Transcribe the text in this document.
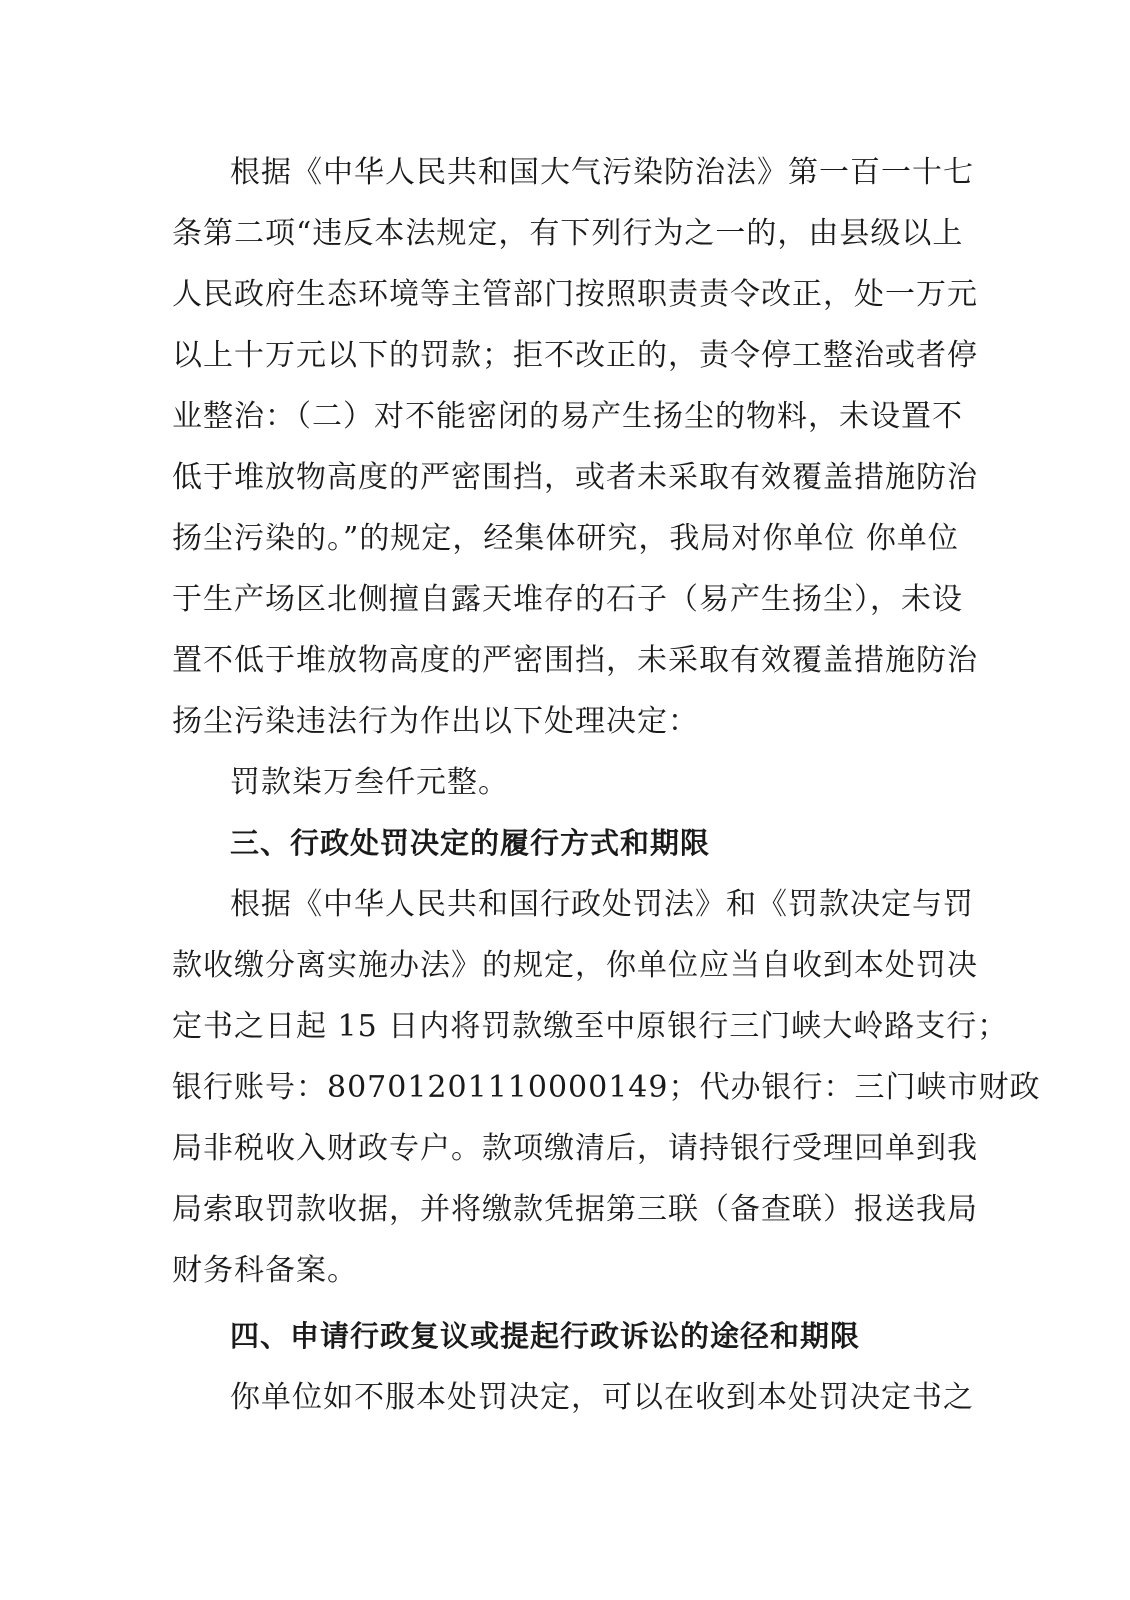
根据《中华人民共和国大气污染防治法》第一百一十七
条第二项“违反本法规定，有下列行为之一的，由县级以上
人民政府生态环境等主管部门按照职责责令改正，处一万元
以上十万元以下的罚款；拒不改正的，责令停工整治或者停
业整治：（二）对不能密闭的易产生扬尘的物料，未设置不
低于堆放物高度的严密围挡，或者未采取有效覆盖措施防治
扬尘污染的。”的规定，经集体研究，我局对你单位 你单位
于生产场区北侧擅自露天堆存的石子（易产生扬尘），未设
置不低于堆放物高度的严密围挡，未采取有效覆盖措施防治
扬尘污染违法行为作出以下处理决定：
罚款柒万叁仟元整。
三、行政处罚决定的履行方式和期限
根据《中华人民共和国行政处罚法》和《罚款决定与罚
款收缴分离实施办法》的规定，你单位应当自收到本处罚决
定书之日起 15 日内将罚款缴至中原银行三门峡大岭路支行；
银行账号：80701201110000149；代办银行：三门峡市财政
局非税收入财政专户。款项缴清后，请持银行受理回单到我
局索取罚款收据，并将缴款凭据第三联（备查联）报送我局
财务科备案。
四、申请行政复议或提起行政诉讼的途径和期限
你单位如不服本处罚决定，可以在收到本处罚决定书之
